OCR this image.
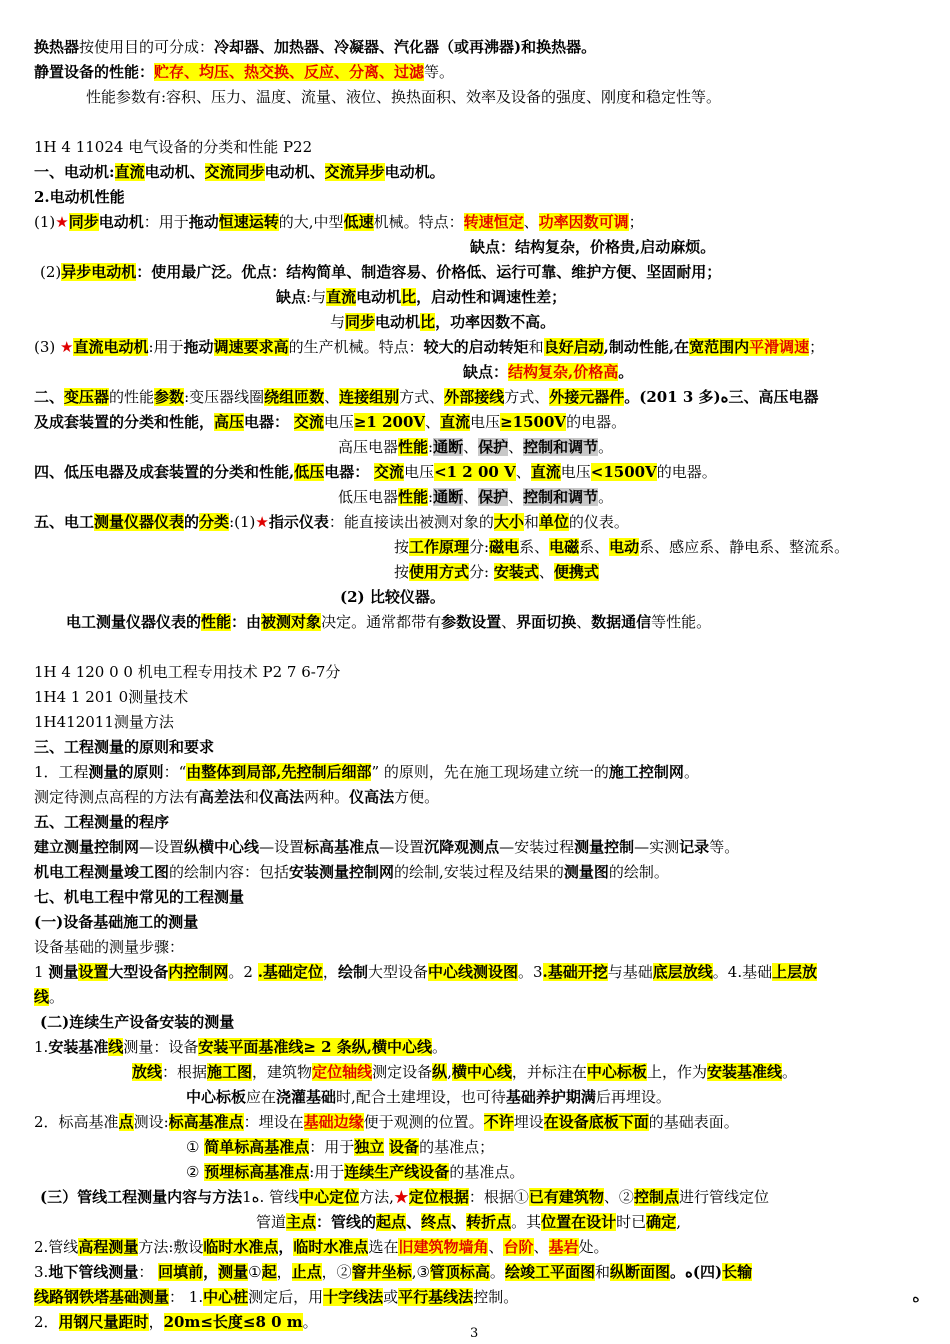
换热器按使用目的可分成：冷却器、加热器、冷凝器、汽化器（或再沸器)和换热器。
静置设备的性能：贮存、均压、热交换、反应、分离、过滤等。
性能参数有:容积、压力、温度、流量、液位、换热面积、效率及设备的强度、刚度和稳定性等。
1H 4 11024 电气设备的分类和性能 P22
一、电动机:直流电动机、交流同步电动机、交流异步电动机。
2.电动机性能
(1)★同步电动机：用于拖动恒速运转的大,中型低速机械。特点：转速恒定、功率因数可调；
缺点：结构复杂，价格贵,启动麻烦。
(2)异步电动机：使用最广泛。优点：结构简单、制造容易、价格低、运行可靠、维护方便、坚固耐用；
缺点:与直流电动机比，启动性和调速性差；
与同步电动机比，功率因数不高。
(3) ★直流电动机:用于拖动调速要求高的生产机械。特点：较大的启动转矩和良好启动,制动性能,在宽范围内平滑调速；
缺点：结构复杂,价格高。
二、变压器的性能参数:变压器线圈绕组匝数、连接组别方式、外部接线方式、外接元器件。(201 3 多)ﻩ三、高压电器
及成套装置的分类和性能，高压电器： 交流电压≥1 200V、直流电压≥1500V的电器。
高压电器性能:通断、保护、控制和调节。
四、低压电器及成套装置的分类和性能,低压电器： 交流电压<1 2 00 V、直流电压<1500V的电器。
低压电器性能:通断、保护、控制和调节。
五、电工测量仪器仪表的分类:(1)★指示仪表：能直接读出被测对象的大小和单位的仪表。
按工作原理分:磁电系、电磁系、电动系、感应系、静电系、整流系。
按使用方式分: 安装式、便携式
(2) 比较仪器。
电工测量仪器仪表的性能：由被测对象决定。通常都带有参数设置、界面切换、数据通信等性能。
1H 4 120 0 0 机电工程专用技术 P2 7 6-7分
1H4 1 201 0测量技术
1H412011测量方法
三、工程测量的原则和要求
1．工程测量的原则：“由整体到局部,先控制后细部” 的原则，先在施工现场建立统一的施工控制网。
测定待测点高程的方法有高差法和仪高法两种。仪高法方便。
五、工程测量的程序
建立测量控制网—设置纵横中心线—设置标高基准点—设置沉降观测点—安装过程测量控制—实测记录等。
机电工程测量竣工图的绘制内容：包括安装测量控制网的绘制,安装过程及结果的测量图的绘制。
七、机电工程中常见的工程测量
(一)设备基础施工的测量
设备基础的测量步骤：
1 测量设置大型设备内控制网。2 .基础定位，绘制大型设备中心线测设图。3.基础开挖与基础底层放线。4.基础上层放
线。
(二)连续生产设备安装的测量
1.安装基准线测量：设备安装平面基准线≥ 2 条纵,横中心线。
放线：根据施工图，建筑物定位轴线测定设备纵,横中心线，并标注在中心标板上，作为安装基准线。
中心标板应在浇灌基础时,配合土建埋设，也可待基础养护期满后再埋设。
2．标高基准点测设:标高基准点：埋设在基础边缘便于观测的位置。不许埋设在设备底板下面的基础表面。
① 简单标高基准点：用于独立 设备的基准点；
② 预埋标高基准点:用于连续生产线设备的基准点。
(三）管线工程测量内容与方法1ﻩ. 管线中心定位方法,★定位根据：根据①已有建筑物、②控制点进行管线定位
管道主点：管线的起点、终点、转折点。其位置在设计时已确定,
2.管线高程测量方法:敷设临时水准点，临时水准点选在旧建筑物墙角、台阶、基岩处。
3.地下管线测量： 回填前，测量①起，止点，②窨井坐标,③管顶标高。绘竣工平面图和纵断面图。ﻩ(四)长输
线路钢铁塔基础测量： 1.中心桩测定后，用十字线法或平行基线法控制。	ﻩ
2．用钢尺量距时，20m≤长度≤8 0 m。
3
